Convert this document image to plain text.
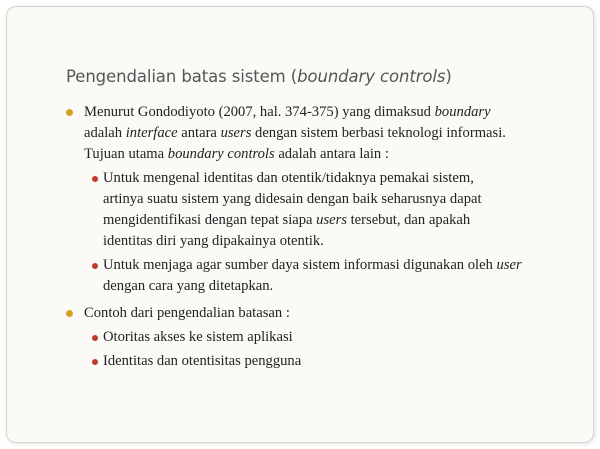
Pengendalian batas sistem (boundary controls)
Menurut Gondodiyoto (2007, hal. 374-375) yang dimaksud boundary
adalah interface antara users dengan sistem berbasi teknologi informasi.
Tujuan utama boundary controls adalah antara lain :
Untuk mengenal identitas dan otentik/tidaknya pemakai sistem,
artinya suatu sistem yang didesain dengan baik seharusnya dapat
mengidentifikasi dengan tepat siapa users tersebut, dan apakah
identitas diri yang dipakainya otentik.
Untuk menjaga agar sumber daya sistem informasi digunakan oleh user
dengan cara yang ditetapkan.
Contoh dari pengendalian batasan :
Otoritas akses ke sistem aplikasi
Identitas dan otentisitas pengguna
